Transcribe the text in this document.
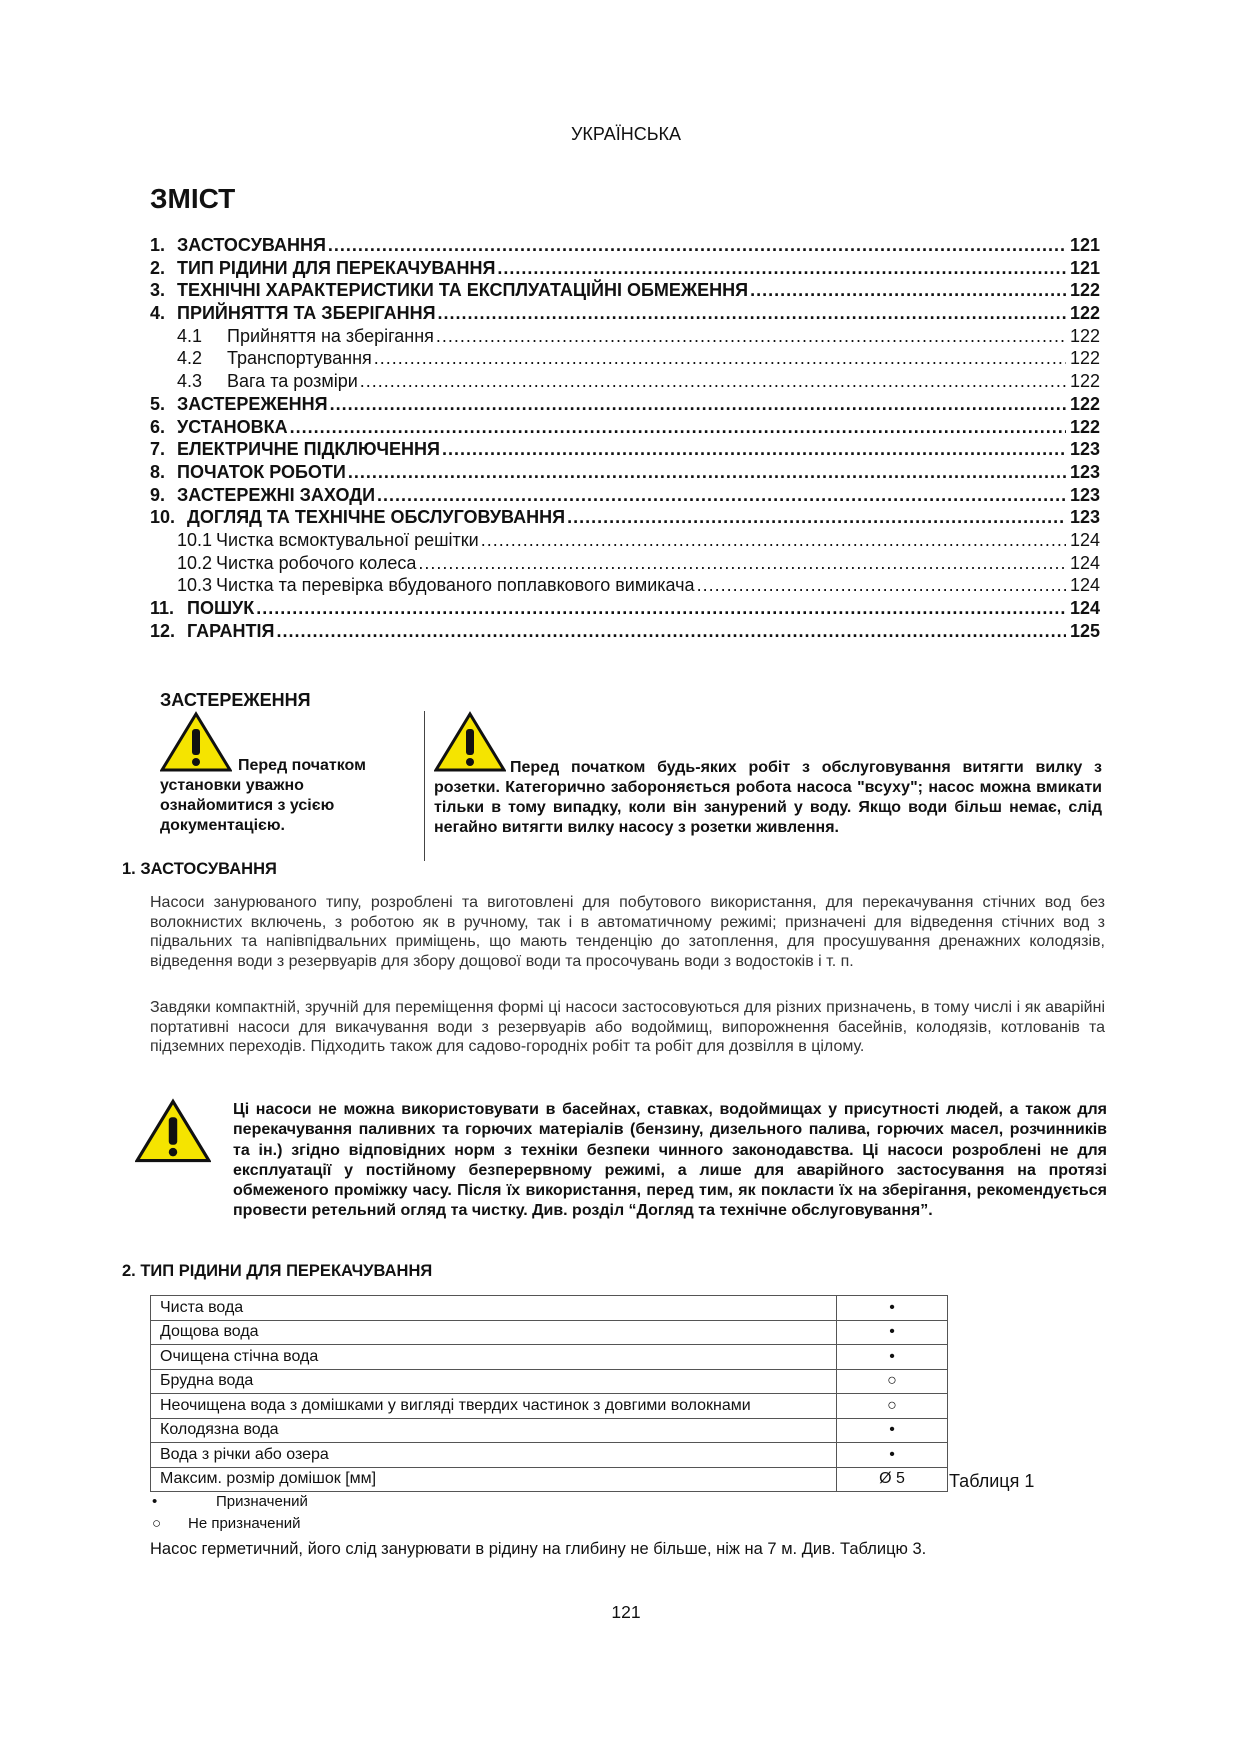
УКРАЇНСЬКА
ЗМІСТ
1. ЗАСТОСУВАННЯ .....	121
2. ТИП РІДИНИ ДЛЯ ПЕРЕКАЧУВАННЯ .....	121
3. ТЕХНІЧНІ ХАРАКТЕРИСТИКИ ТА ЕКСПЛУАТАЦІЙНІ ОБМЕЖЕННЯ .....	122
4. ПРИЙНЯТТЯ ТА ЗБЕРІГАННЯ .....	122
4.1	Прийняття на зберігання .....	122
4.2	Транспортування .....	122
4.3	Вага та розміри .....	122
5. ЗАСТЕРЕЖЕННЯ .....	122
6. УСТАНОВКА .....	122
7. ЕЛЕКТРИЧНЕ ПІДКЛЮЧЕННЯ .....	123
8. ПОЧАТОК РОБОТИ .....	123
9. ЗАСТЕРЕЖНІ ЗАХОДИ .....	123
10. ДОГЛЯД ТА ТЕХНІЧНЕ ОБСЛУГОВУВАННЯ .....	123
10.1 Чистка всмоктувальної решітки .....	124
10.2 Чистка робочого колеса .....	124
10.3 Чистка та перевірка вбудованого поплавкового вимикача .....	124
11. ПОШУК .....	124
12. ГАРАНТІЯ .....	125
ЗАСТЕРЕЖЕННЯ
Перед початком установки уважно ознайомитися з усією документацією.
Перед початком будь-яких робіт з обслуговування витягти вилку з розетки. Категорично забороняється робота насоса "всуху"; насос можна вмикати тільки в тому випадку, коли він занурений у воду. Якщо води більш немає, слід негайно витягти вилку насосу з розетки живлення.
1. ЗАСТОСУВАННЯ
Насоси занурюваного типу, розроблені та виготовлені для побутового використання, для перекачування стічних вод без волокнистих включень, з роботою як в ручному, так і в автоматичному режимі; призначені для відведення стічних вод з підвальних та напівпідвальних приміщень, що мають тенденцію до затоплення, для просушування дренажних колодязів, відведення води з резервуарів для збору дощової води та просочувань води з водостоків і т. п.
Завдяки компактній, зручній для переміщення формі ці насоси застосовуються для різних призначень, в тому числі і як аварійні портативні насоси для викачування води з резервуарів або водоймищ, випорожнення басейнів, колодязів, котлованів та підземних переходів. Підходить також для садово-городніх робіт та робіт для дозвілля в цілому.
Ці насоси не можна використовувати в басейнах, ставках, водоймищах у присутності людей, а також для перекачування паливних та горючих матеріалів (бензину, дизельного палива, горючих масел, розчинників та ін.) згідно відповідних норм з техніки безпеки чинного законодавства. Ці насоси розроблені не для експлуатації у постійному безперервному режимі, а лише для аварійного застосування на протязі обмеженого проміжку часу. Після їх використання, перед тим, як покласти їх на зберігання, рекомендується провести ретельний огляд та чистку. Див. розділ “Догляд та технічне обслуговування”.
2. ТИП РІДИНИ ДЛЯ ПЕРЕКАЧУВАННЯ
Чиста вода	•
Дощова вода	•
Очищена стічна вода	•
Брудна вода	○
Неочищена вода з домішками у вигляді твердих частинок з довгими волокнами	○
Колодязна вода	•
Вода з річки або озера	•
Максим. розмір домішок [мм]	Ø 5 Таблиця 1
•	Призначений
○ Не призначений
Насос герметичний, його слід занурювати в рідину на глибину не більше, ніж на 7 м. Див. Таблицю 3.
121
